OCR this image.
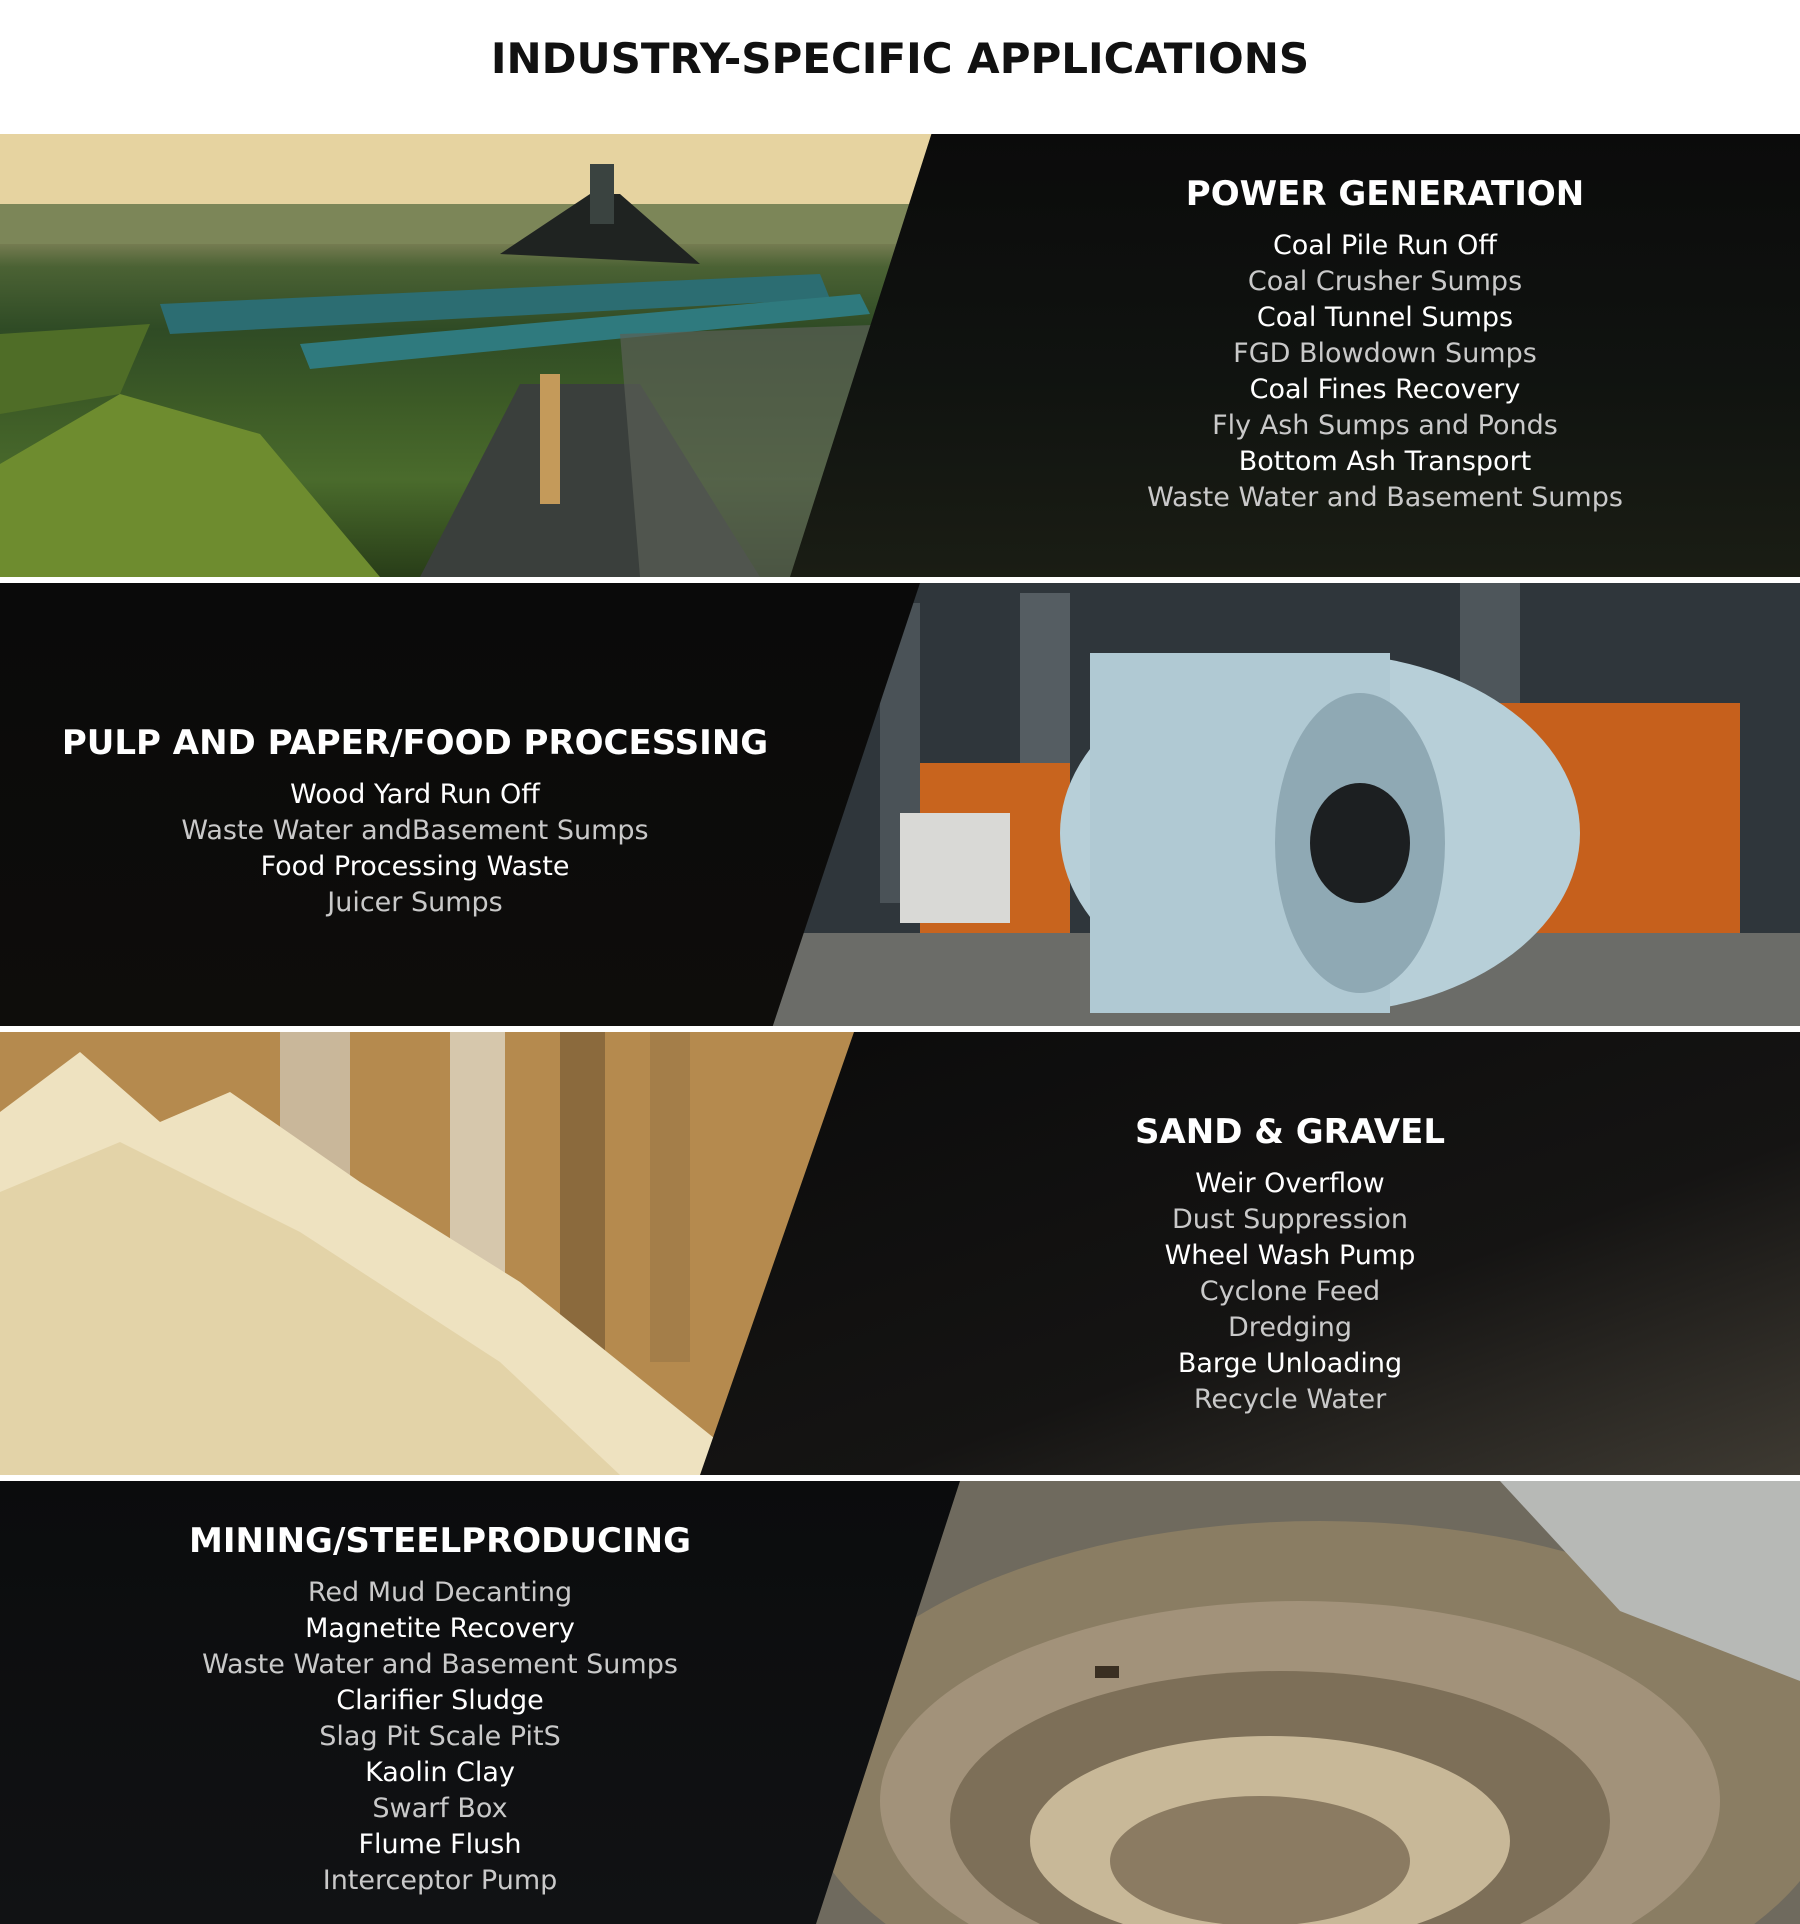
INDUSTRY-SPECIFIC APPLICATIONS
POWER GENERATION
Coal Pile Run Off
Coal Crusher Sumps
Coal Tunnel Sumps
FGD Blowdown Sumps
Coal Fines Recovery
Fly Ash Sumps and Ponds
Bottom Ash Transport
Waste Water and Basement Sumps
PULP AND PAPER/FOOD PROCESSING
Wood Yard Run Off
Waste Water andBasement Sumps
Food Processing Waste
Juicer Sumps
SAND & GRAVEL
Weir Overflow
Dust Suppression
Wheel Wash Pump
Cyclone Feed
Dredging
Barge Unloading
Recycle Water
MINING/STEELPRODUCING
Red Mud Decanting
Magnetite Recovery
Waste Water and Basement Sumps
Clarifier Sludge
Slag Pit Scale PitS
Kaolin Clay
Swarf Box
Flume Flush
Interceptor Pump
